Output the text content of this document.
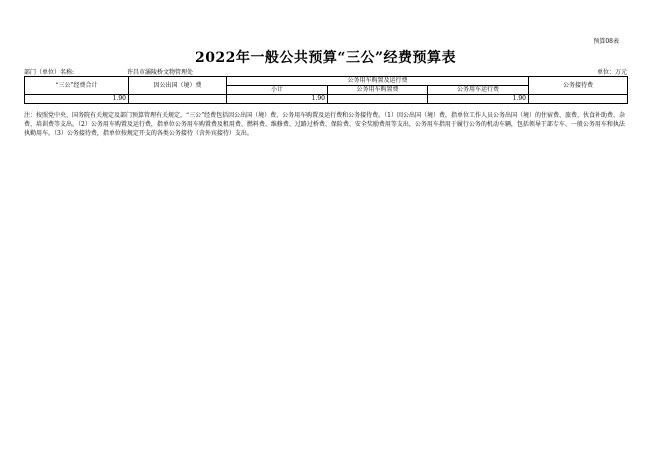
预算08表
2022年一般公共预算“三公”经费预算表
部门（单位）名称:	许昌市灞陵桥文物管理处	单位：万元
“三公”经费合计	因公出国（境）费	公务用车购置及运行费			公务接待费
		小计	公务用车购置费	公务用车运行费	
1.90		1.90		1.90	
注：按照党中央、国务院有关规定及部门预算管理有关规定，“三公”经费包括因公出国（境）费、公务用车购置及运行费和公务接待费。（1）因公出国（境）费，指单位工作人员公务出国（境）的住宿费、旅费、伙食补助费、杂费、培训费等支出。（2）公务用车购置及运行费，指单位公务用车购置费及租用费、燃料费、维修费、过路过桥费、保险费、安全奖励费用等支出，公务用车指用于履行公务的机动车辆，包括领导干部专车、一般公务用车和执法执勤用车。（3）公务接待费，指单位按规定开支的各类公务接待（含外宾接待）支出。
